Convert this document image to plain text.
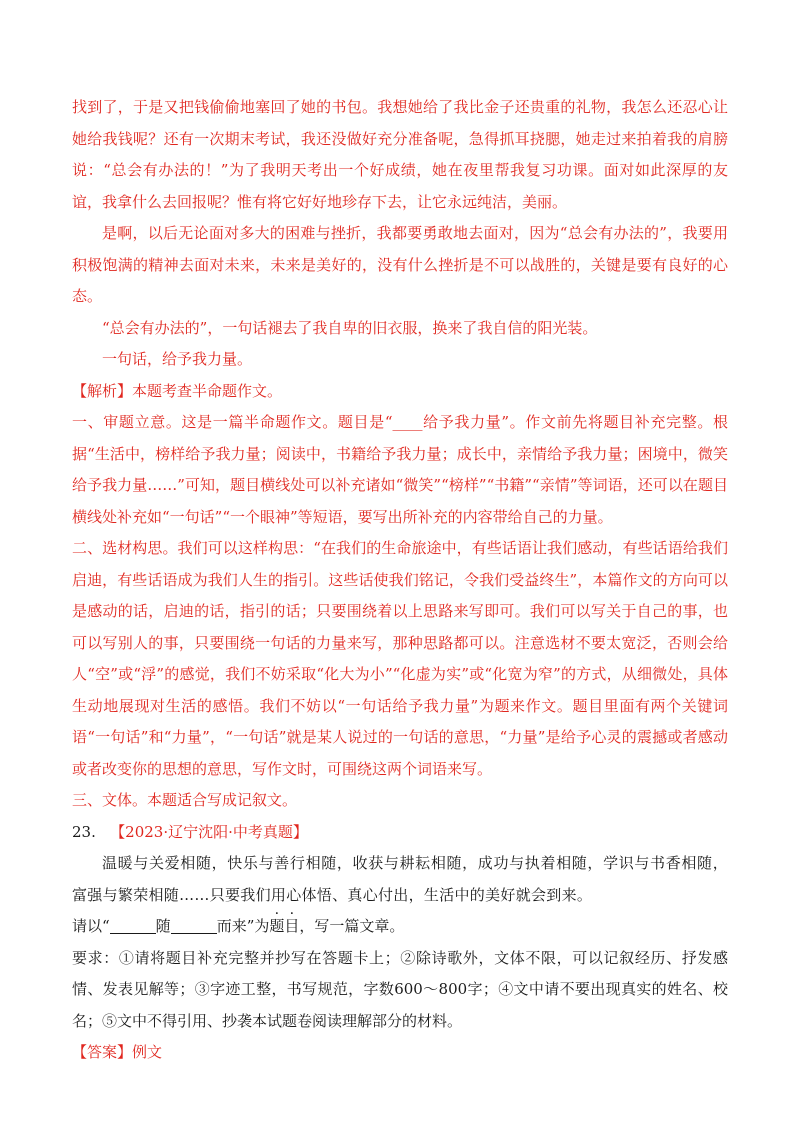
找到了，于是又把钱偷偷地塞回了她的书包。我想她给了我比金子还贵重的礼物，我怎么还忍心让她给我钱呢？还有一次期末考试，我还没做好充分准备呢，急得抓耳挠腮，她走过来拍着我的肩膀说：“总会有办法的！”为了我明天考出一个好成绩，她在夜里帮我复习功课。面对如此深厚的友谊，我拿什么去回报呢？惟有将它好好地珍存下去，让它永远纯洁，美丽。

是啊，以后无论面对多大的困难与挫折，我都要勇敢地去面对，因为“总会有办法的”，我要用积极饱满的精神去面对未来，未来是美好的，没有什么挫折是不可以战胜的，关键是要有良好的心态。

“总会有办法的”，一句话褪去了我自卑的旧衣服，换来了我自信的阳光装。

一句话，给予我力量。

【解析】本题考查半命题作文。

一、审题立意。这是一篇半命题作文。题目是“____给予我力量”。作文前先将题目补充完整。根据“生活中，榜样给予我力量；阅读中，书籍给予我力量；成长中，亲情给予我力量；困境中，微笑给予我力量……”可知，题目横线处可以补充诸如“微笑”“榜样”“书籍”“亲情”等词语，还可以在题目横线处补充如“一句话”“一个眼神”等短语，要写出所补充的内容带给自己的力量。

二、选材构思。我们可以这样构思：“在我们的生命旅途中，有些话语让我们感动，有些话语给我们启迪，有些话语成为我们人生的指引。这些话使我们铭记，令我们受益终生”，本篇作文的方向可以是感动的话，启迪的话，指引的话；只要围绕着以上思路来写即可。我们可以写关于自己的事，也可以写别人的事，只要围绕一句话的力量来写，那种思路都可以。注意选材不要太宽泛，否则会给人“空”或“浮”的感觉，我们不妨采取“化大为小”“化虚为实”或“化宽为窄”的方式，从细微处，具体生动地展现对生活的感悟。我们不妨以“一句话给予我力量”为题来作文。题目里面有两个关键词语“一句话”和“力量”，“一句话”就是某人说过的一句话的意思，“力量”是给予心灵的震撼或者感动或者改变你的思想的意思，写作文时，可围绕这两个词语来写。

三、文体。本题适合写成记叙文。

23. 【2023·辽宁沈阳·中考真题】

温暖与关爱相随，快乐与善行相随，收获与耕耘相随，成功与执着相随，学识与书香相随，富强与繁荣相随……只要我们用心体悟、真心付出，生活中的美好就会到来。

请以“	随	而来”为题目，写一篇文章。

要求：①请将题目补充完整并抄写在答题卡上；②除诗歌外，文体不限，可以记叙经历、抒发感情、发表见解等；③字迹工整，书写规范，字数600～800字；④文中请不要出现真实的姓名、校名；⑤文中不得引用、抄袭本试题卷阅读理解部分的材料。

【答案】例文
